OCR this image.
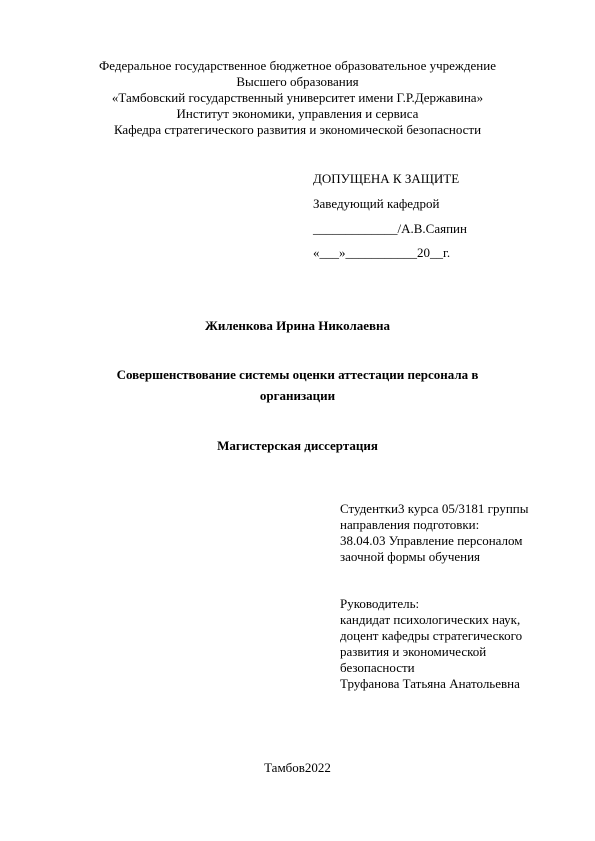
Федеральное государственное бюджетное образовательное учреждение
Высшего образования
«Тамбовский государственный университет имени Г.Р.Державина»
Институт экономики, управления и сервиса
Кафедра стратегического развития и экономической безопасности
ДОПУЩЕНА К ЗАЩИТЕ
Заведующий кафедрой
_____________/А.В.Саяпин
«___»___________20__г.
Жиленкова Ирина Николаевна
Совершенствование системы оценки аттестации персонала в
организации
Магистерская диссертация
Студентки3 курса 05/3181 группы
направления подготовки:
38.04.03 Управление персоналом
заочной формы обучения
Руководитель:
кандидат психологических наук,
доцент кафедры стратегического
развития и экономической
безопасности
Труфанова Татьяна Анатольевна
Тамбов2022
